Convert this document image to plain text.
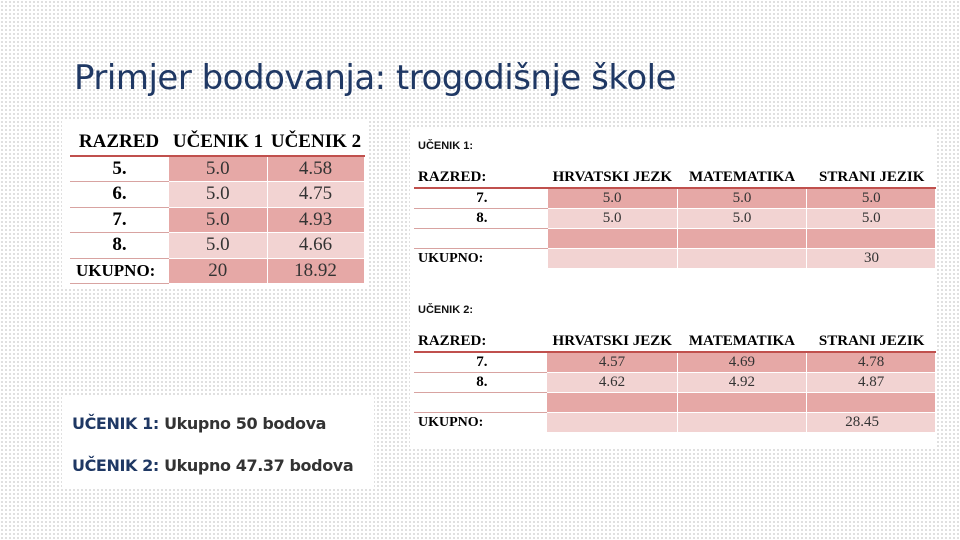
Primjer bodovanja: trogodišnje škole
RAZRED	UČENIK 1	UČENIK 2
5.	5.0	4.58
6.	5.0	4.75
7.	5.0	4.93
8.	5.0	4.66
UKUPNO:	20	18.92
UČENIK 1:
RAZRED:	HRVATSKI JEZK	MATEMATIKA	STRANI JEZIK
7.	5.0	5.0	5.0
8.	5.0	5.0	5.0

UKUPNO:			30
UČENIK 2:
RAZRED:	HRVATSKI JEZK	MATEMATIKA	STRANI JEZIK
7.	4.57	4.69	4.78
8.	4.62	4.92	4.87

UKUPNO:			28.45
UČENIK 1: Ukupno 50 bodova
UČENIK 2: Ukupno 47.37 bodova
